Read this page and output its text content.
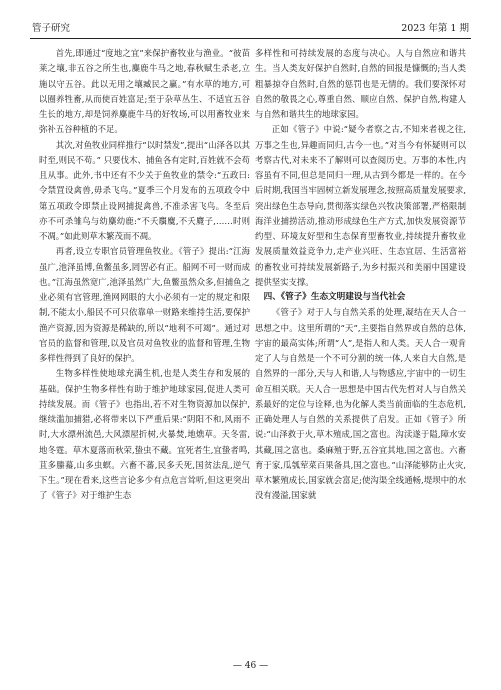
管子研究	2023 年第 1 期

首先,即通过“度地之宜”来保护畜牧业与渔业。“彼苗莱之壤,非五谷之所生也,麋鹿牛马之地,春秋赋生杀老,立施以守五谷。此以无用之壤臧民之赢。”有水草的地方,可以圈养牲畜,从而使百姓富足;至于杂草丛生、不适宜五谷生长的地方,却是饲养麋鹿牛马的好牧场,可以用畜牧业来弥补五谷种植的不足。

其次,对鱼牧业同样推行“以时禁发”,提出“山泽各以其时至,则民不苟。” 只要伐木、捕鱼各有定时,百姓就不会苟且从事。此外,书中还有不少关于鱼牧业的禁令:“五政曰:令禁罝设禽兽,毋杀飞鸟。”夏季三个月发布的五项政令中第五项政令即禁止设网捕捉禽兽,不准杀害飞鸟。冬至后亦不可杀雏鸟与幼麋幼鹿:“不夭麛麌,不夭麑子,……时则不凋。”如此则草木繁茂而不凋。

再者,设立专职官员管理鱼牧业。《管子》提出:“江海虽广,池泽虽博,鱼鳖虽多,罔罟必有正。船网不可一财而成也。”江海虽然宽广,池泽虽然广大,鱼鳖虽然众多,但捕鱼之业必须有官管理,渔网网眼的大小必须有一定的规定和限制,不能太小,船民不可只依靠单一财路来维持生活,要保护渔产资源,因为资源是稀缺的,所以“地利不可竭”。通过对官员的监督和管理,以及官员对鱼牧业的监督和管理,生物多样性得到了良好的保护。

生物多样性使地球充满生机,也是人类生存和发展的基础。保护生物多样性有助于维护地球家园,促进人类可持续发展。而《管子》也指出,若不对生物资源加以保护,继续滥加捕猎,必将带来以下严重后果:“阴阳不和,风雨不时,大水漂州流邑,大风漂屋折树,火暴焚,地燋草。天冬雷,地冬霆。草木夏落而秋荣,蛰虫不藏。宜死者生,宜蛰者鸣,苴多螣蟇,山多虫螟。六畜不蕃,民多夭死,国贫法乱,逆气下生。”现在看来,这些言论多少有点危言耸听,但这更突出了《管子》对于维护生态

多样性和可持续发展的态度与决心。人与自然应和谐共生。当人类友好保护自然时,自然的回报是慷慨的;当人类粗暴掠夺自然时,自然的惩罚也是无情的。我们要深怀对自然的敬畏之心,尊重自然、顺应自然、保护自然,构建人与自然和谐共生的地球家园。

正如《管子》中说:“疑今者察之古,不知来者视之往,万事之生也,异趣而同归,古今一也。”对当今有怀疑则可以考察古代,对未来不了解则可以查阅历史。万事的本性,内容虽有不同,但总是同归一理,从古到今都是一样的。在今后时期,我国当牢固树立新发展理念,按照高质量发展要求,突出绿色生态导向,贯彻落实绿色兴牧决策部署,严格限制海洋业捕捞活动,推动形成绿色生产方式,加快发展资源节约型、环境友好型和生态保育型畜牧业,持续提升畜牧业发展质量效益竞争力,走产业兴旺、生态宜居、生活富裕的畜牧业可持续发展新路子,为乡村振兴和美丽中国建设提供坚实支撑。

四、《管子》生态文明建设与当代社会

《管子》对于人与自然关系的处理,凝结在天人合一思想之中。这里所谓的“天”,主要指自然界或自然的总体,宇宙的最高实体;所谓“人”,是指人和人类。天人合一观肯定了人与自然是一个不可分割的统一体,人来自大自然,是自然界的一部分,天与人和谐,人与物感应,宇宙中的一切生命互相关联。天人合一思想是中国古代先哲对人与自然关系最好的定位与诠释,也为化解人类当前面临的生态危机,正确处理人与自然的关系提供了启发。正如《管子》所说:“山泽救于火,草木殖成,国之富也。沟渎遂于隘,障水安其藏,国之富也。桑麻殖于野,五谷宜其地,国之富也。六畜育于家,瓜瓠荤菜百果备具,国之富也。”山泽能够防止火灾,草木繁殖成长,国家就会富足;使沟渠全线通畅,堤坝中的水没有漫溢,国家就

— 46 —
